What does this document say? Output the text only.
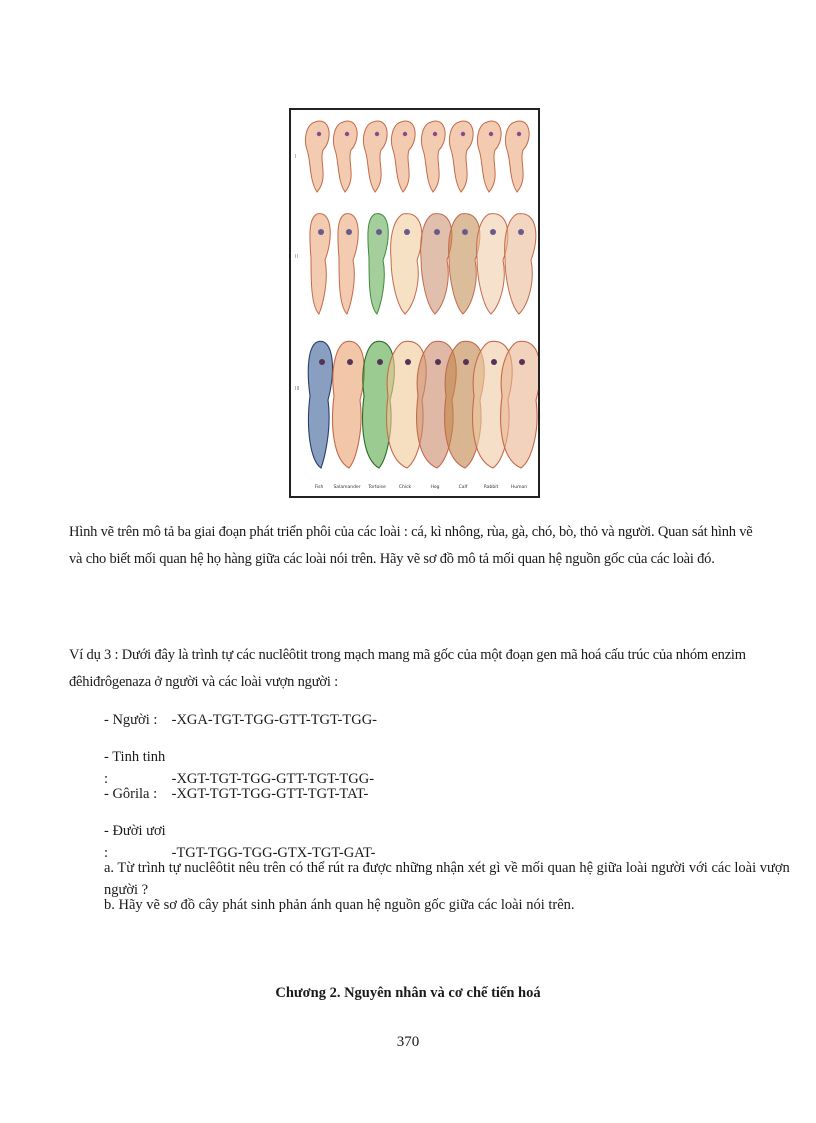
I
II
III
Fish Salamander Tortoise	Chick	Hog	Calf	Rabbit	Human

Hình vẽ trên mô tả ba giai đoạn phát triển phôi của các loài : cá, kì nhông, rùa, gà, chó, bò, thỏ và người. Quan sát hình vẽ và cho biết mối quan hệ họ hàng giữa các loài nói trên. Hãy vẽ sơ đồ mô tả mối quan hệ nguồn gốc của các loài đó.

Ví dụ 3 : Dưới đây là trình tự các nuclêôtit trong mạch mang mã gốc của một đoạn gen mã hoá cấu trúc của nhóm enzim đêhiđrôgenaza ở người và các loài vượn người :

- Người : -XGA-TGT-TGG-GTT-TGT-TGG-
- Tinh tinh :	-XGT-TGT-TGG-GTT-TGT-TGG-
- Gôrila : -XGT-TGT-TGG-GTT-TGT-TAT-
- Đười ươi :	-TGT-TGG-TGG-GTX-TGT-GAT-
a. Từ trình tự nuclêôtit nêu trên có thể rút ra được những nhận xét gì về mối quan hệ giữa loài người với các loài vượn người ?
b. Hãy vẽ sơ đồ cây phát sinh phản ánh quan hệ nguồn gốc giữa các loài nói trên.
Chương 2. Nguyên nhân và cơ chế tiến hoá
370
